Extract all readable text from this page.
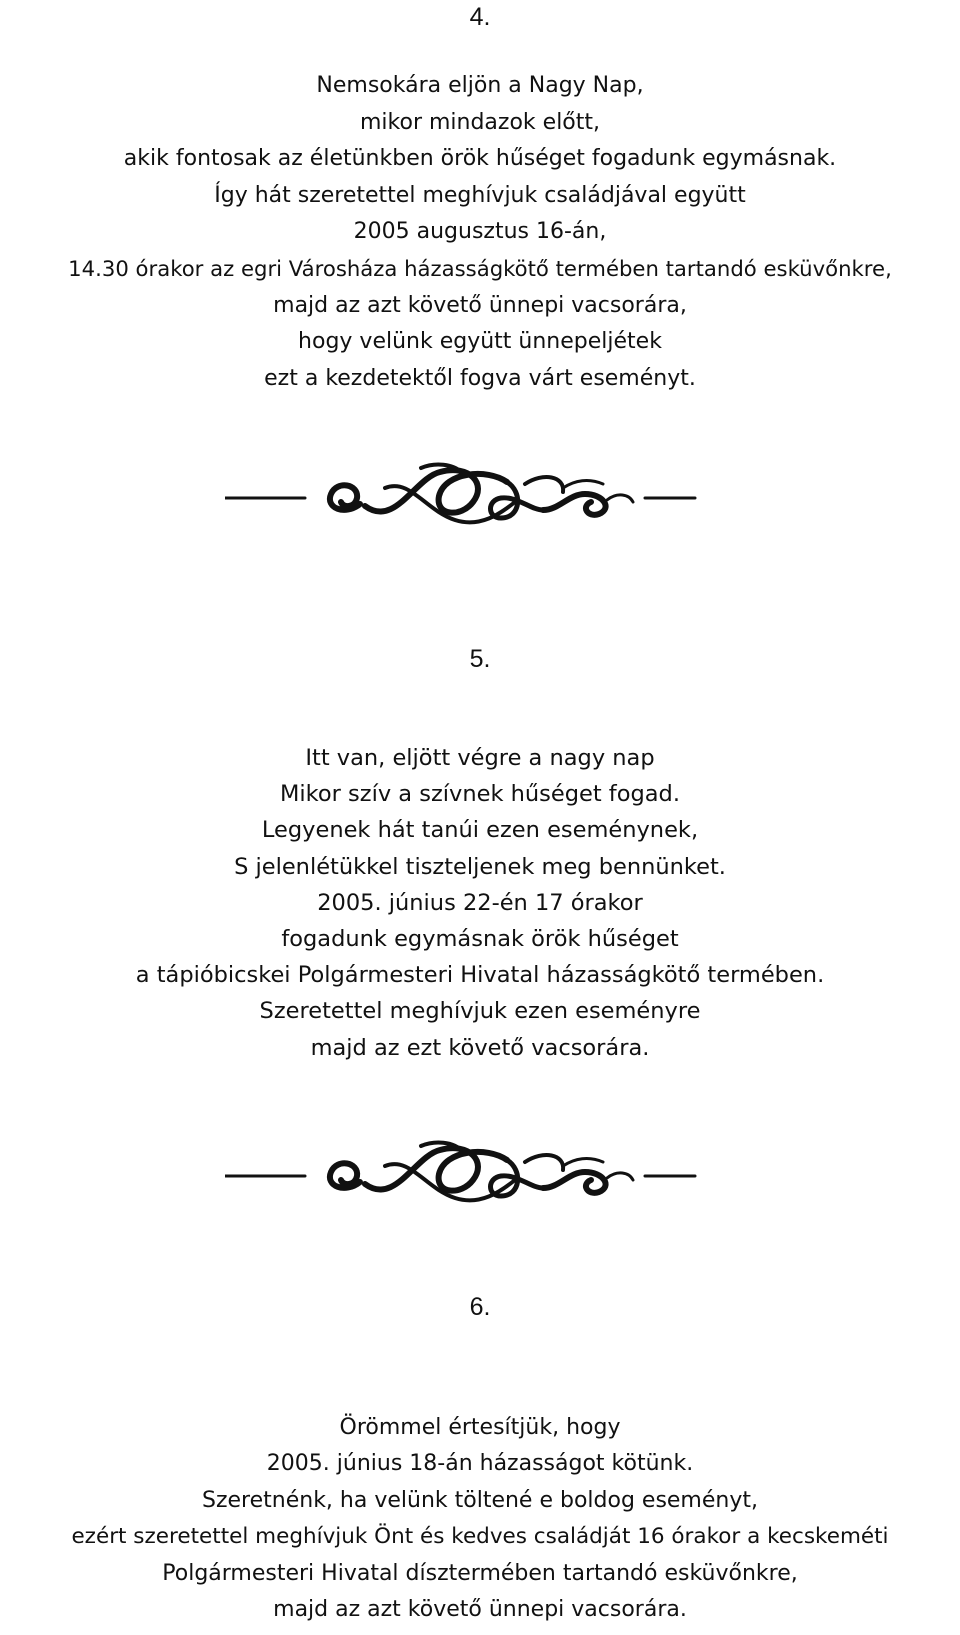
4.
Nemsokára eljön a Nagy Nap,
mikor mindazok előtt,
akik fontosak az életünkben örök hűséget fogadunk egymásnak.
Így hát szeretettel meghívjuk családjával együtt
2005 augusztus 16-án,
14.30 órakor az egri Városháza házasságkötő termében tartandó esküvőnkre,
majd az azt követő ünnepi vacsorára,
hogy velünk együtt ünnepeljétek
ezt a kezdetektől fogva várt eseményt.
5.
Itt van, eljött végre a nagy nap
Mikor szív a szívnek hűséget fogad.
Legyenek hát tanúi ezen eseménynek,
S jelenlétükkel tiszteljenek meg bennünket.
2005. június 22-én 17 órakor
fogadunk egymásnak örök hűséget
a tápióbicskei Polgármesteri Hivatal házasságkötő termében.
Szeretettel meghívjuk ezen eseményre
majd az ezt követő vacsorára.
6.
Örömmel értesítjük, hogy
2005. június 18-án házasságot kötünk.
Szeretnénk, ha velünk töltené e boldog eseményt,
ezért szeretettel meghívjuk Önt és kedves családját 16 órakor a kecskeméti
Polgármesteri Hivatal dísztermében tartandó esküvőnkre,
majd az azt követő ünnepi vacsorára.
